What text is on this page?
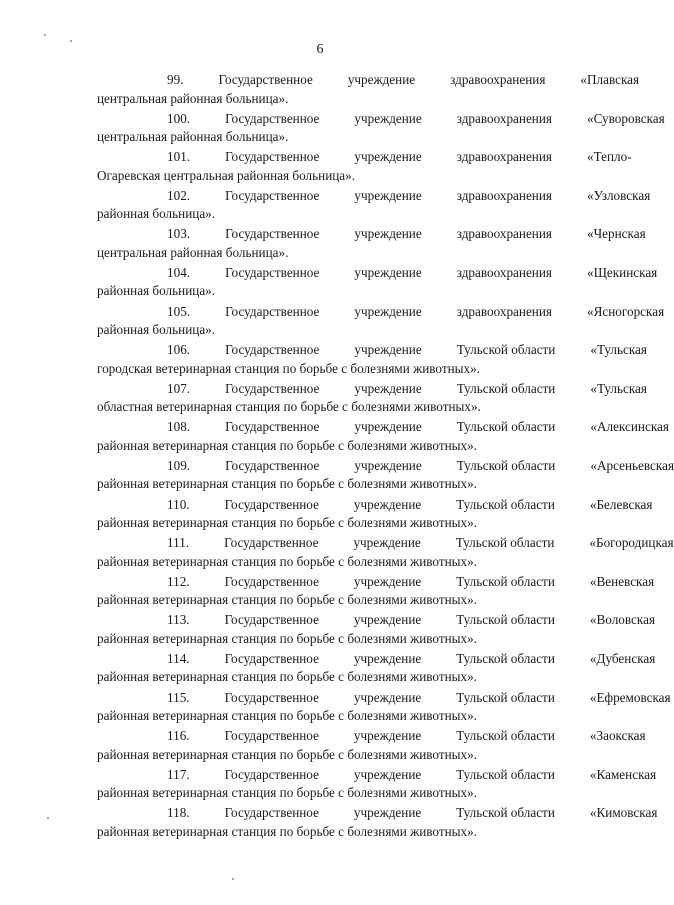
6
99.	Государственное	учреждение	здравоохранения	«Плавская
центральная районная больница».
100.	Государственное	учреждение	здравоохранения	«Суворовская
центральная районная больница».
101.	Государственное	учреждение	здравоохранения	«Тепло-
Огаревская центральная районная больница».
102.	Государственное	учреждение	здравоохранения	«Узловская
районная больница».
103.	Государственное	учреждение	здравоохранения	«Чернская
центральная районная больница».
104.	Государственное	учреждение	здравоохранения	«Щекинская
районная больница».
105.	Государственное	учреждение	здравоохранения	«Ясногорская
районная больница».
106.	Государственное	учреждение	Тульской области	«Тульская
городская ветеринарная станция по борьбе с болезнями животных».
107.	Государственное	учреждение	Тульской области	«Тульская
областная ветеринарная станция по борьбе с болезнями животных».
108.	Государственное	учреждение	Тульской области	«Алексинская
районная ветеринарная станция по борьбе с болезнями животных».
109.	Государственное	учреждение	Тульской области	«Арсеньевская
районная ветеринарная станция по борьбе с болезнями животных».
110.	Государственное	учреждение	Тульской области	«Белевская
районная ветеринарная станция по борьбе с болезнями животных».
111.	Государственное	учреждение	Тульской области	«Богородицкая
районная ветеринарная станция по борьбе с болезнями животных».
112.	Государственное	учреждение	Тульской области	«Веневская
районная ветеринарная станция по борьбе с болезнями животных».
113.	Государственное	учреждение	Тульской области	«Воловская
районная ветеринарная станция по борьбе с болезнями животных».
114.	Государственное	учреждение	Тульской области	«Дубенская
районная ветеринарная станция по борьбе с болезнями животных».
115.	Государственное	учреждение	Тульской области	«Ефремовская
районная ветеринарная станция по борьбе с болезнями животных».
116.	Государственное	учреждение	Тульской области	«Заокская
районная ветеринарная станция по борьбе с болезнями животных».
117.	Государственное	учреждение	Тульской области	«Каменская
районная ветеринарная станция по борьбе с болезнями животных».
118.	Государственное	учреждение	Тульской области	«Кимовская
районная ветеринарная станция по борьбе с болезнями животных».
